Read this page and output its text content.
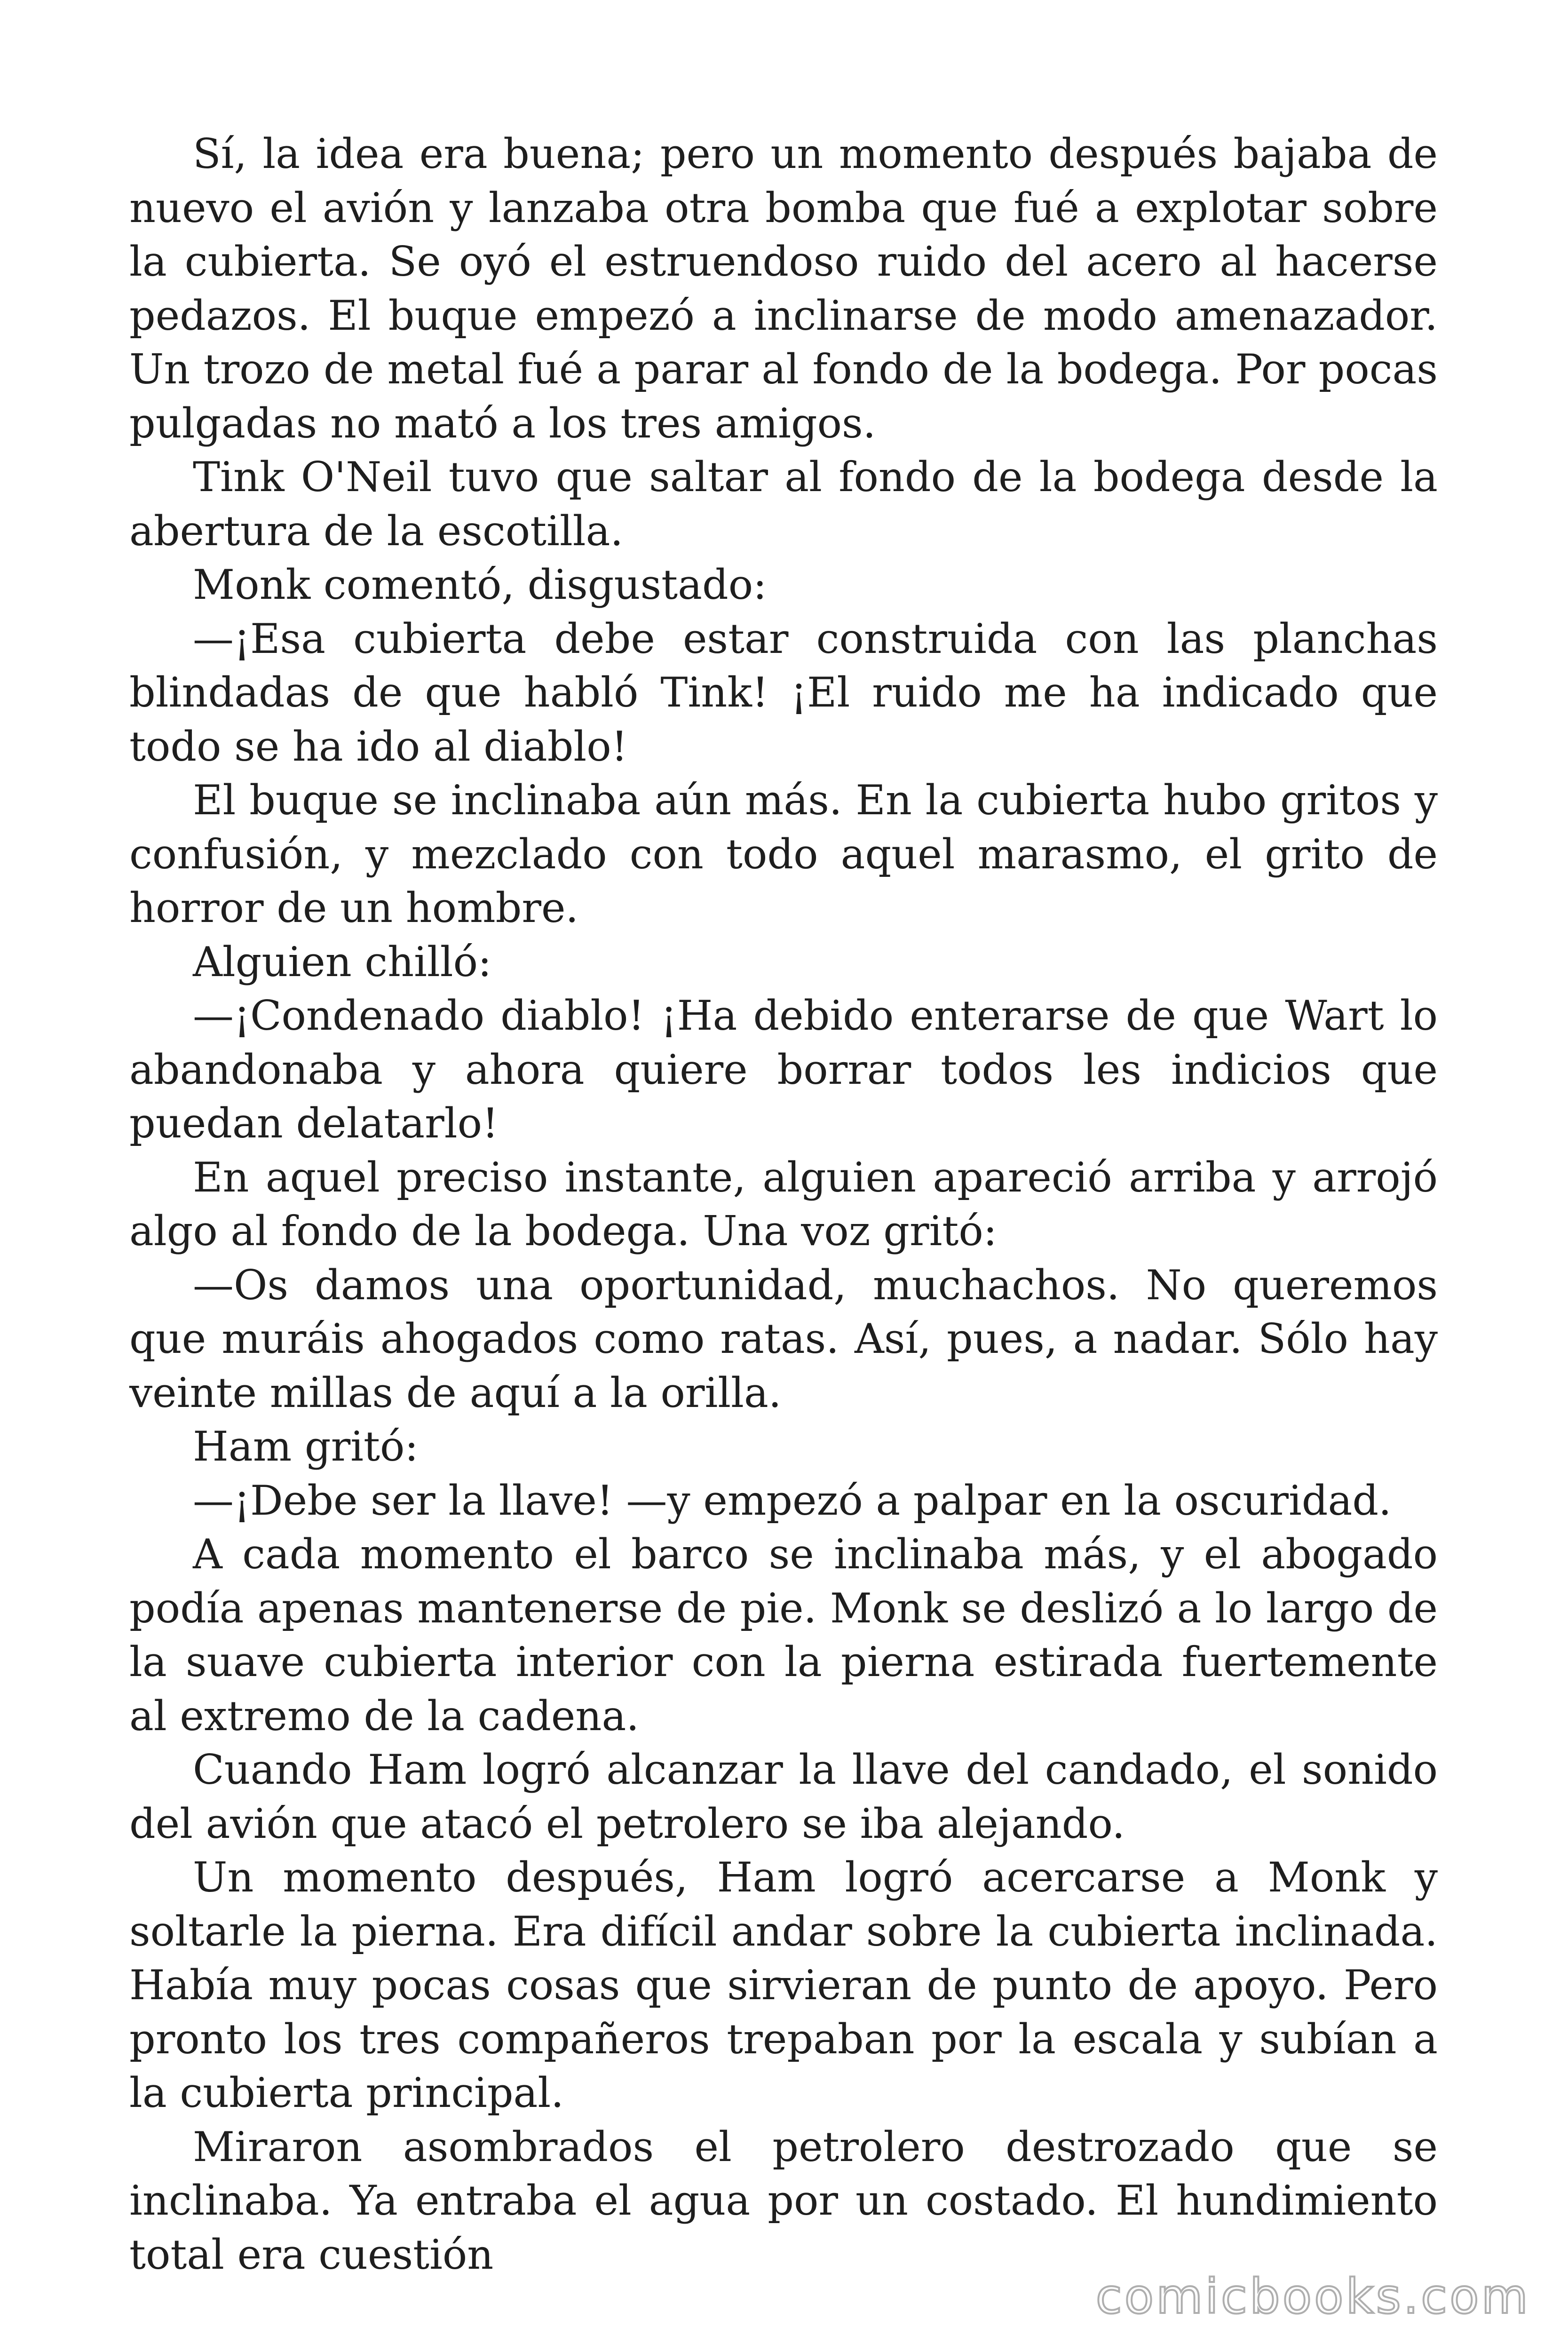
Sí, la idea era buena; pero un momento después bajaba de nuevo el avión y lanzaba otra bomba que fué a explotar sobre la cubierta. Se oyó el estruendoso ruido del acero al hacerse pedazos. El buque empezó a inclinarse de modo amenazador. Un trozo de metal fué a parar al fondo de la bodega. Por pocas pulgadas no mató a los tres amigos.

Tink O'Neil tuvo que saltar al fondo de la bodega desde la abertura de la escotilla.

Monk comentó, disgustado:

—¡Esa cubierta debe estar construida con las planchas blindadas de que habló Tink! ¡El ruido me ha indicado que todo se ha ido al diablo!

El buque se inclinaba aún más. En la cubierta hubo gritos y confusión, y mezclado con todo aquel marasmo, el grito de horror de un hombre.

Alguien chilló:

—¡Condenado diablo! ¡Ha debido enterarse de que Wart lo abandonaba y ahora quiere borrar todos les indicios que puedan delatarlo!

En aquel preciso instante, alguien apareció arriba y arrojó algo al fondo de la bodega. Una voz gritó:

—Os damos una oportunidad, muchachos. No queremos que muráis ahogados como ratas. Así, pues, a nadar. Sólo hay veinte millas de aquí a la orilla.

Ham gritó:

—¡Debe ser la llave! —y empezó a palpar en la oscuridad.

A cada momento el barco se inclinaba más, y el abogado podía apenas mantenerse de pie. Monk se deslizó a lo largo de la suave cubierta interior con la pierna estirada fuertemente al extremo de la cadena.

Cuando Ham logró alcanzar la llave del candado, el sonido del avión que atacó el petrolero se iba alejando.

Un momento después, Ham logró acercarse a Monk y soltarle la pierna. Era difícil andar sobre la cubierta inclinada. Había muy pocas cosas que sirvieran de punto de apoyo. Pero pronto los tres compañeros trepaban por la escala y subían a la cubierta principal.

Miraron asombrados el petrolero destrozado que se inclinaba. Ya entraba el agua por un costado. El hundimiento total era cuestión

comicbooks.com
